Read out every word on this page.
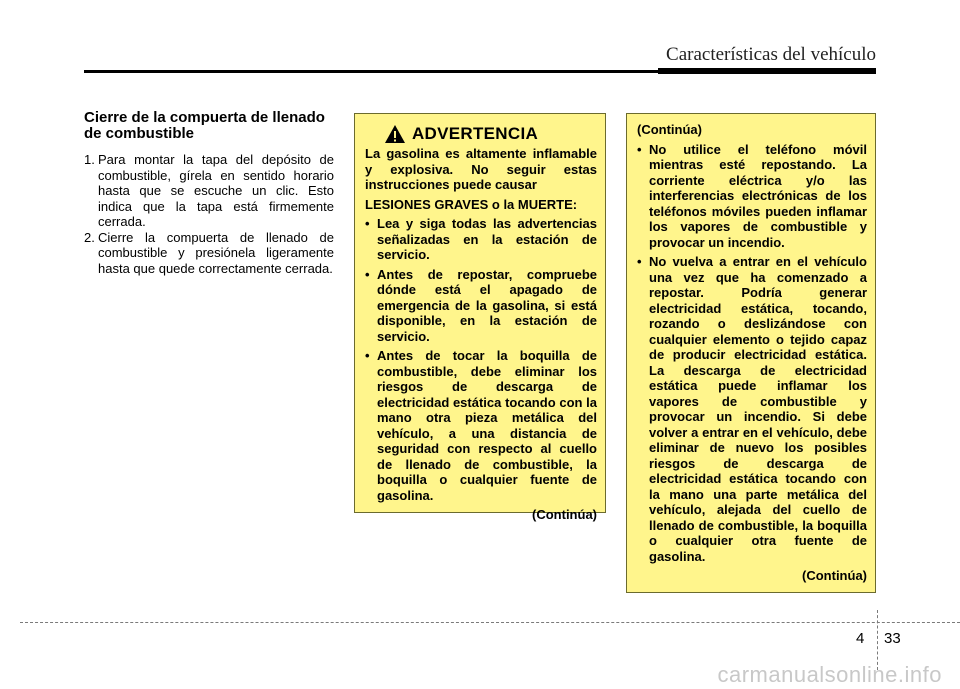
Características del vehículo
Cierre de la compuerta de llenado de combustible
1. Para montar la tapa del depósito de combustible, gírela en sentido horario hasta que se escuche un clic. Esto indica que la tapa está firmemente cerrada.
2. Cierre la compuerta de llenado de combustible y presiónela ligeramente hasta que quede correctamente cerrada.
ADVERTENCIA
La gasolina es altamente inflamable y explosiva. No seguir estas instrucciones puede causar
LESIONES GRAVES o la MUERTE:
• Lea y siga todas las advertencias señalizadas en la estación de servicio.
• Antes de repostar, compruebe dónde está el apagado de emergencia de la gasolina, si está disponible, en la estación de servicio.
• Antes de tocar la boquilla de combustible, debe eliminar los riesgos de descarga de electricidad estática tocando con la mano otra pieza metálica del vehículo, a una distancia de seguridad con respecto al cuello de llenado de combustible, la boquilla o cualquier fuente de gasolina.
(Continúa)
(Continúa)
• No utilice el teléfono móvil mientras esté repostando. La corriente eléctrica y/o las interferencias electrónicas de los teléfonos móviles pueden inflamar los vapores de combustible y provocar un incendio.
• No vuelva a entrar en el vehículo una vez que ha comenzado a repostar. Podría generar electricidad estática, tocando, rozando o deslizándose con cualquier elemento o tejido capaz de producir electricidad estática. La descarga de electricidad estática puede inflamar los vapores de combustible y provocar un incendio. Si debe volver a entrar en el vehículo, debe eliminar de nuevo los posibles riesgos de descarga de electricidad estática tocando con la mano una parte metálica del vehículo, alejada del cuello de llenado de combustible, la boquilla o cualquier otra fuente de gasolina.
(Continúa)
4 33
carmanualsonline.info
